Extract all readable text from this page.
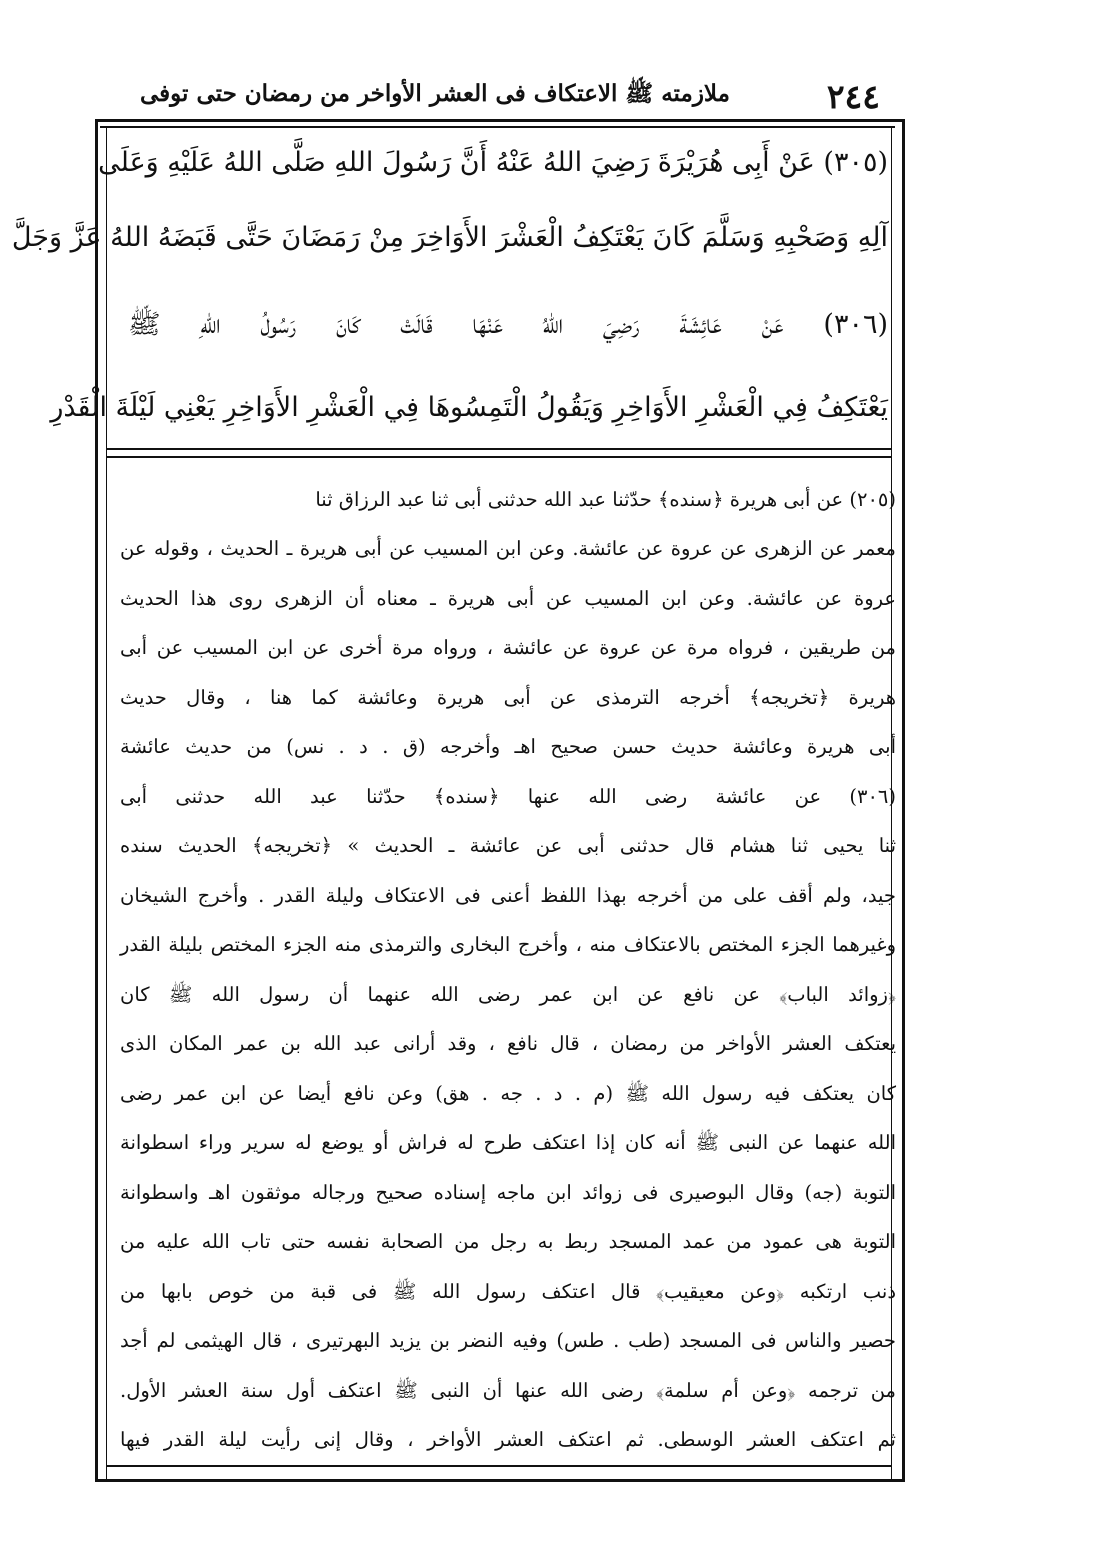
٢٤٤
ملازمته ﷺ الاعتكاف فى العشر الأواخر من رمضان حتى توفى
(٣٠٥) عَنْ أَبِى هُرَيْرَةَ رَضِيَ اللهُ عَنْهُ أَنَّ رَسُولَ اللهِ صَلَّى اللهُ عَلَيْهِ وَعَلَى
آلِهِ وَصَحْبِهِ وَسَلَّمَ كَانَ يَعْتَكِفُ الْعَشْرَ الأَوَاخِرَ مِنْ رَمَضَانَ حَتَّى قَبَضَهُ اللهُ عَزَّ وَجَلَّ
(٣٠٦) عَنْ عَائِشَةَ رَضِيَ اللهُ عَنْهَا قَالَتْ كَانَ رَسُولُ اللهِ ﷺ
يَعْتَكِفُ فِي الْعَشْرِ الأَوَاخِرِ وَيَقُولُ الْتَمِسُوهَا فِي الْعَشْرِ الأَوَاخِرِ يَعْنِي لَيْلَةَ الْقَدْرِ
(٢٠٥) عن أبى هريرة ﴿سنده﴾ حدّثنا عبد الله حدثنى أبى ثنا عبد الرزاق ثنا
معمر عن الزهرى عن عروة عن عائشة. وعن ابن المسيب عن أبى هريرة ـ الحديث ، وقوله عن
عروة عن عائشة. وعن ابن المسيب عن أبى هريرة ـ معناه أن الزهرى روى هذا الحديث
من طريقين ، فرواه مرة عن عروة عن عائشة ، ورواه مرة أخرى عن ابن المسيب عن أبى
هريرة ﴿تخريجه﴾ أخرجه الترمذى عن أبى هريرة وعائشة كما هنا ، وقال حديث
أبى هريرة وعائشة حديث حسن صحيح اهـ وأخرجه (ق . د . نس) من حديث عائشة
(٣٠٦) عن عائشة رضى الله عنها ﴿سنده﴾ حدّثنا عبد الله حدثنى أبى
ثنا يحيى ثنا هشام قال حدثنى أبى عن عائشة ـ الحديث » ﴿تخريجه﴾ الحديث سنده
جيد، ولم أقف على من أخرجه بهذا اللفظ أعنى فى الاعتكاف وليلة القدر . وأخرج الشيخان
وغيرهما الجزء المختص بالاعتكاف منه ، وأخرج البخارى والترمذى منه الجزء المختص بليلة القدر
﴿زوائد الباب﴾ عن نافع عن ابن عمر رضى الله عنهما أن رسول الله ﷺ كان
يعتكف العشر الأواخر من رمضان ، قال نافع ، وقد أرانى عبد الله بن عمر المكان الذى
كان يعتكف فيه رسول الله ﷺ (م . د . جه . هق) وعن نافع أيضا عن ابن عمر رضى
الله عنهما عن النبى ﷺ أنه كان إذا اعتكف طرح له فراش أو يوضع له سرير وراء اسطوانة
التوبة (جه) وقال البوصيرى فى زوائد ابن ماجه إسناده صحيح ورجاله موثقون اهـ واسطوانة
التوبة هى عمود من عمد المسجد ربط به رجل من الصحابة نفسه حتى تاب الله عليه من
ذنب ارتكبه ﴿وعن معيقيب﴾ قال اعتكف رسول الله ﷺ فى قبة من خوص بابها من
حصير والناس فى المسجد (طب . طس) وفيه النضر بن يزيد البهرتيرى ، قال الهيثمى لم أجد
من ترجمه ﴿وعن أم سلمة﴾ رضى الله عنها أن النبى ﷺ اعتكف أول سنة العشر الأول.
ثم اعتكف العشر الوسطى. ثم اعتكف العشر الأواخر ، وقال إنى رأيت ليلة القدر فيها
